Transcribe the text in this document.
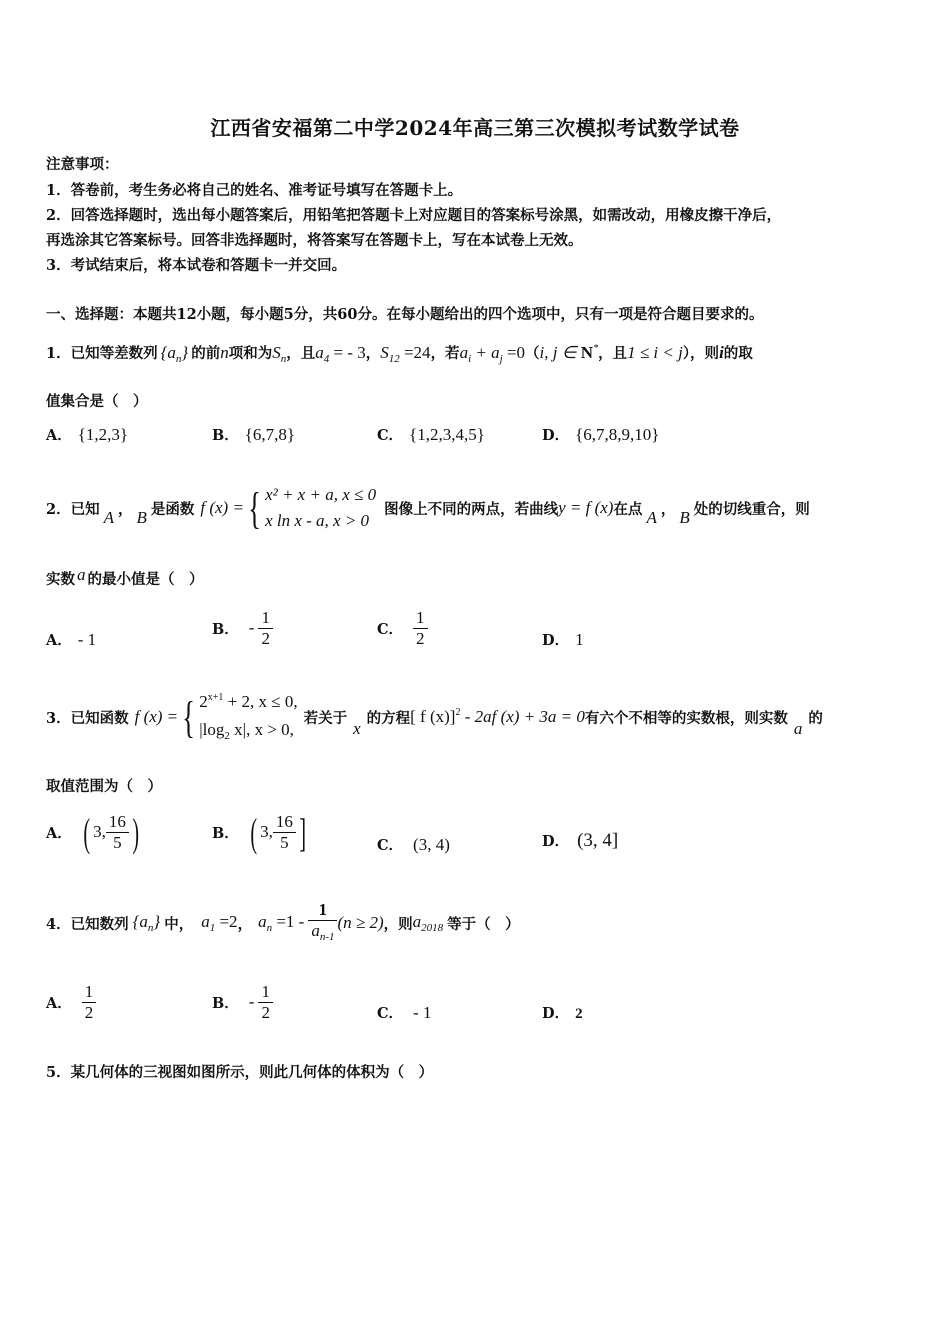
江西省安福第二中学2024年高三第三次模拟考试数学试卷
注意事项：
1．答卷前，考生务必将自己的姓名、准考证号填写在答题卡上。
2．回答选择题时，选出每小题答案后，用铅笔把答题卡上对应题目的答案标号涂黑，如需改动，用橡皮擦干净后，
再选涂其它答案标号。回答非选择题时，将答案写在答题卡上，写在本试卷上无效。
3．考试结束后，将本试卷和答题卡一并交回。
一、选择题：本题共12小题，每小题5分，共60分。在每小题给出的四个选项中，只有一项是符合题目要求的。
1．已知等差数列 $\{a_n\}$ 的前n项和为$S_n$，且$a_4$ = - 3，$S_{12} =24$，若$a_i + a_j =0(i$, j ∈ N*，且1 ≤ i < j），则i的取
值集合是（　）
A． {1,2,3}	B． {6,7,8}	C． {1,2,3,4,5}	D． {6,7,8,9,10}
2．已知 A ， B 是函数 f (x) = { x² + x + a, x ≤ 0
x ln x - a, x > 0
图像上不同的两点，若曲线 y = f (x) 在点 A ， B 处的切线重合，则
实数 a 的最小值是（　）
A． - 1
B． - $\frac{1}{2}$	C． $\frac{1}{2}$	D． 1
3．已知函数 f (x) = { $2^{x+1} + 2$, x ≤ 0,
$|\log_2$ x|, x > 0,
若关于
x
的方程 [ f (x)]$^2$ - 2af (x) + 3a = 0 有六个不相等的实数根，则实数
a
的
取值范围为（　）
A． ( 3, $\frac{16}{5}$ )	B． ( 3, $\frac{16}{5}$ ]	C． (3, 4)	D． (3, 4]
4．已知数列 $\{a_n\}$ 中， $a_1 =2$ ， $a_n =1 - \frac{1}{a_{n-1}} (n \ge 2)$ ，则 $a_{2018}$ 等于（　）
A． $\frac{1}{2}$	B． - $\frac{1}{2}$	C． - 1	D． 2
5．某几何体的三视图如图所示，则此几何体的体积为（　）
